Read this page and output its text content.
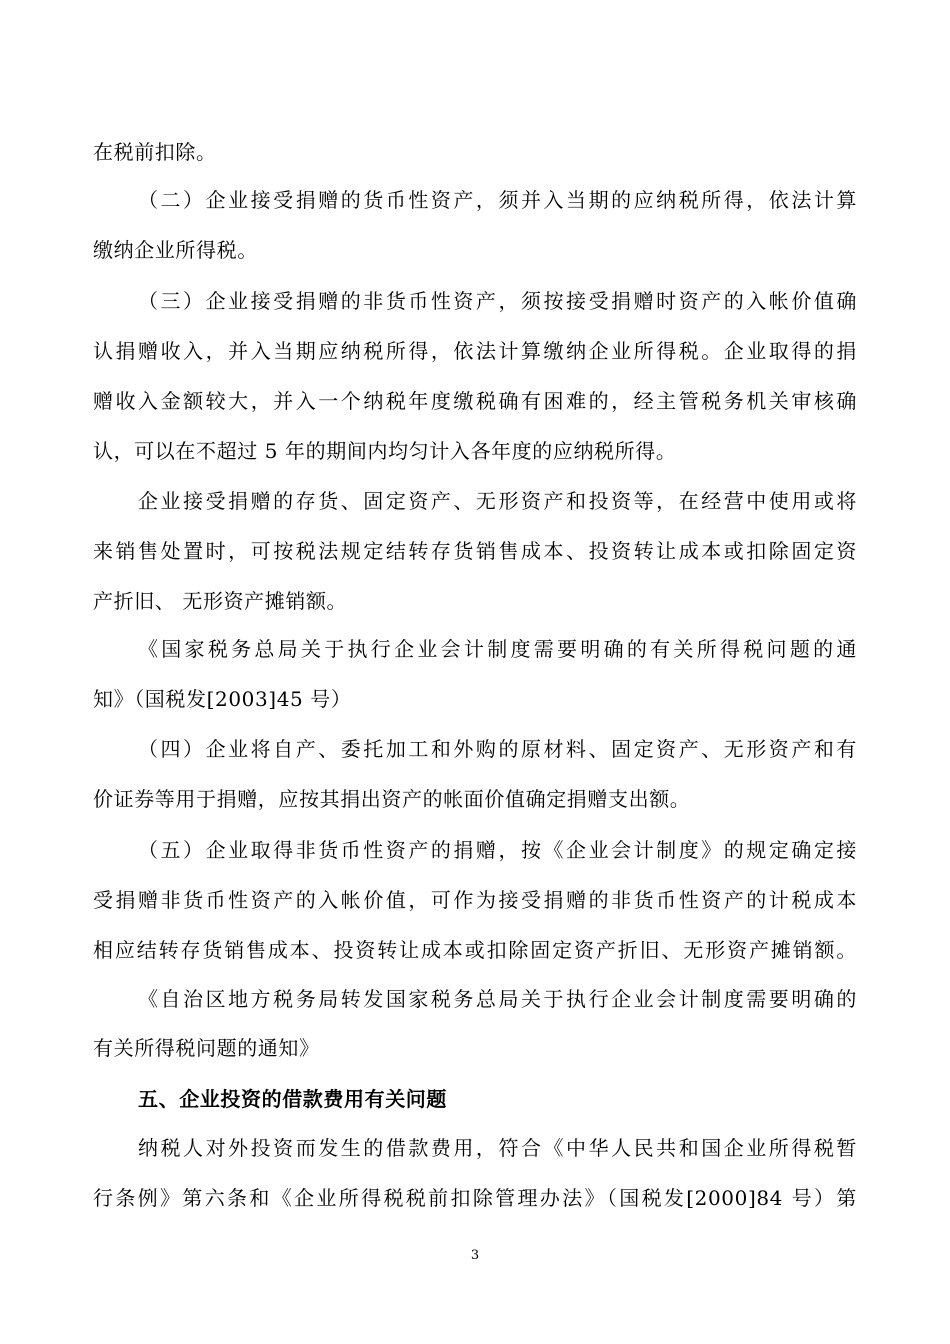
在税前扣除。
（二）企业接受捐赠的货币性资产，须并入当期的应纳税所得，依法计算
缴纳企业所得税。
（三）企业接受捐赠的非货币性资产，须按接受捐赠时资产的入帐价值确
认捐赠收入，并入当期应纳税所得，依法计算缴纳企业所得税。企业取得的捐
赠收入金额较大，并入一个纳税年度缴税确有困难的，经主管税务机关审核确
认，可以在不超过 5 年的期间内均匀计入各年度的应纳税所得。
企业接受捐赠的存货、固定资产、无形资产和投资等，在经营中使用或将
来销售处置时，可按税法规定结转存货销售成本、投资转让成本或扣除固定资
产折旧、 无形资产摊销额。
《国家税务总局关于执行企业会计制度需要明确的有关所得税问题的通
知》（国税发[2003]45 号）
（四）企业将自产、委托加工和外购的原材料、固定资产、无形资产和有
价证券等用于捐赠，应按其捐出资产的帐面价值确定捐赠支出额。
（五）企业取得非货币性资产的捐赠，按《企业会计制度》的规定确定接
受捐赠非货币性资产的入帐价值，可作为接受捐赠的非货币性资产的计税成本
相应结转存货销售成本、投资转让成本或扣除固定资产折旧、无形资产摊销额。
《自治区地方税务局转发国家税务总局关于执行企业会计制度需要明确的
有关所得税问题的通知》
五、企业投资的借款费用有关问题
纳税人对外投资而发生的借款费用，符合《中华人民共和国企业所得税暂
行条例》第六条和《企业所得税税前扣除管理办法》（国税发[2000]84 号）第
3
